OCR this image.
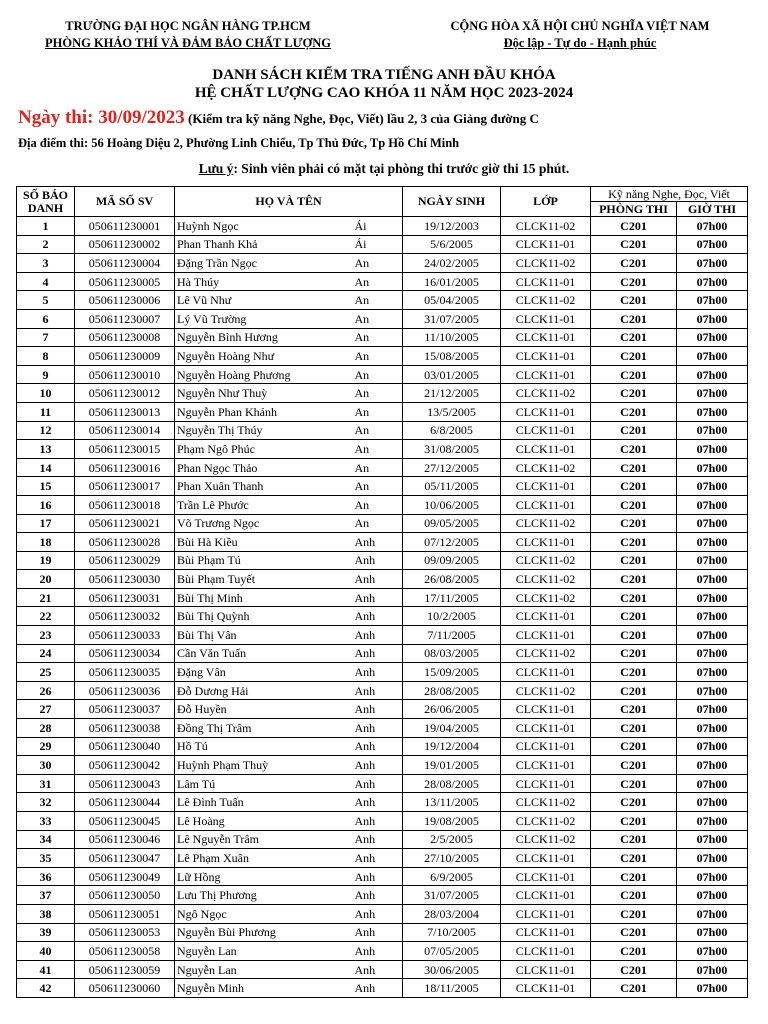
TRƯỜNG ĐẠI HỌC NGÂN HÀNG TP.HCM
PHÒNG KHẢO THÍ VÀ ĐẢM BẢO CHẤT LƯỢNG
CỘNG HÒA XÃ HỘI CHỦ NGHĨA VIỆT NAM
Độc lập - Tự do - Hạnh phúc
DANH SÁCH KIỂM TRA TIẾNG ANH ĐẦU KHÓA
HỆ CHẤT LƯỢNG CAO KHÓA 11 NĂM HỌC 2023-2024
Ngày thi: 30/09/2023 (Kiểm tra kỹ năng Nghe, Đọc, Viết) lầu 2, 3 của Giảng đường C
Địa điểm thi: 56 Hoàng Diệu 2, Phường Linh Chiểu, Tp Thủ Đức, Tp Hồ Chí Minh
Lưu ý: Sinh viên phải có mặt tại phòng thi trước giờ thi 15 phút.
SỐ BÁO DANH	MÃ SỐ SV	HỌ VÀ TÊN		NGÀY SINH	LỚP	Kỹ năng Nghe, Đọc, Viết	
						PHÒNG THI	GIỜ THI
1	050611230001	Huỳnh Ngọc	Ái	19/12/2003	CLCK11-02	C201	07h00
2	050611230002	Phan Thanh Khả	Ái	5/6/2005	CLCK11-01	C201	07h00
3	050611230004	Đặng Trần Ngọc	An	24/02/2005	CLCK11-02	C201	07h00
4	050611230005	Hà Thúy	An	16/01/2005	CLCK11-01	C201	07h00
5	050611230006	Lê Vũ Như	An	05/04/2005	CLCK11-02	C201	07h00
6	050611230007	Lý Vũ Trường	An	31/07/2005	CLCK11-01	C201	07h00
7	050611230008	Nguyễn Bình Hương	An	11/10/2005	CLCK11-01	C201	07h00
8	050611230009	Nguyễn Hoàng Như	An	15/08/2005	CLCK11-01	C201	07h00
9	050611230010	Nguyễn Hoàng Phương	An	03/01/2005	CLCK11-01	C201	07h00
10	050611230012	Nguyễn Như Thuỳ	An	21/12/2005	CLCK11-02	C201	07h00
11	050611230013	Nguyễn Phan Khánh	An	13/5/2005	CLCK11-01	C201	07h00
12	050611230014	Nguyễn Thị Thúy	An	6/8/2005	CLCK11-01	C201	07h00
13	050611230015	Phạm Ngô Phúc	An	31/08/2005	CLCK11-01	C201	07h00
14	050611230016	Phan Ngọc Thảo	An	27/12/2005	CLCK11-02	C201	07h00
15	050611230017	Phan Xuân Thanh	An	05/11/2005	CLCK11-01	C201	07h00
16	050611230018	Trần Lê Phước	An	10/06/2005	CLCK11-01	C201	07h00
17	050611230021	Võ Trương Ngọc	An	09/05/2005	CLCK11-02	C201	07h00
18	050611230028	Bùi Hà Kiều	Anh	07/12/2005	CLCK11-01	C201	07h00
19	050611230029	Bùi Phạm Tú	Anh	09/09/2005	CLCK11-02	C201	07h00
20	050611230030	Bùi Phạm Tuyết	Anh	26/08/2005	CLCK11-02	C201	07h00
21	050611230031	Bùi Thị Minh	Anh	17/11/2005	CLCK11-02	C201	07h00
22	050611230032	Bùi Thị Quỳnh	Anh	10/2/2005	CLCK11-01	C201	07h00
23	050611230033	Bùi Thị Vân	Anh	7/11/2005	CLCK11-01	C201	07h00
24	050611230034	Cần Văn Tuấn	Anh	08/03/2005	CLCK11-02	C201	07h00
25	050611230035	Đặng Vân	Anh	15/09/2005	CLCK11-01	C201	07h00
26	050611230036	Đỗ Dương Hải	Anh	28/08/2005	CLCK11-02	C201	07h00
27	050611230037	Đỗ Huyền	Anh	26/06/2005	CLCK11-01	C201	07h00
28	050611230038	Đồng Thị Trâm	Anh	19/04/2005	CLCK11-01	C201	07h00
29	050611230040	Hồ Tú	Anh	19/12/2004	CLCK11-01	C201	07h00
30	050611230042	Huỳnh Phạm Thuỳ	Anh	19/01/2005	CLCK11-01	C201	07h00
31	050611230043	Lâm Tú	Anh	28/08/2005	CLCK11-01	C201	07h00
32	050611230044	Lê Đình Tuấn	Anh	13/11/2005	CLCK11-02	C201	07h00
33	050611230045	Lê Hoàng	Anh	19/08/2005	CLCK11-02	C201	07h00
34	050611230046	Lê Nguyễn Trâm	Anh	2/5/2005	CLCK11-02	C201	07h00
35	050611230047	Lê Phạm Xuân	Anh	27/10/2005	CLCK11-01	C201	07h00
36	050611230049	Lữ Hồng	Anh	6/9/2005	CLCK11-01	C201	07h00
37	050611230050	Lưu Thị Phương	Anh	31/07/2005	CLCK11-01	C201	07h00
38	050611230051	Ngô Ngọc	Anh	28/03/2004	CLCK11-01	C201	07h00
39	050611230053	Nguyễn Bùi Phương	Anh	7/10/2005	CLCK11-01	C201	07h00
40	050611230058	Nguyễn Lan	Anh	07/05/2005	CLCK11-01	C201	07h00
41	050611230059	Nguyễn Lan	Anh	30/06/2005	CLCK11-01	C201	07h00
42	050611230060	Nguyễn Minh	Anh	18/11/2005	CLCK11-01	C201	07h00
